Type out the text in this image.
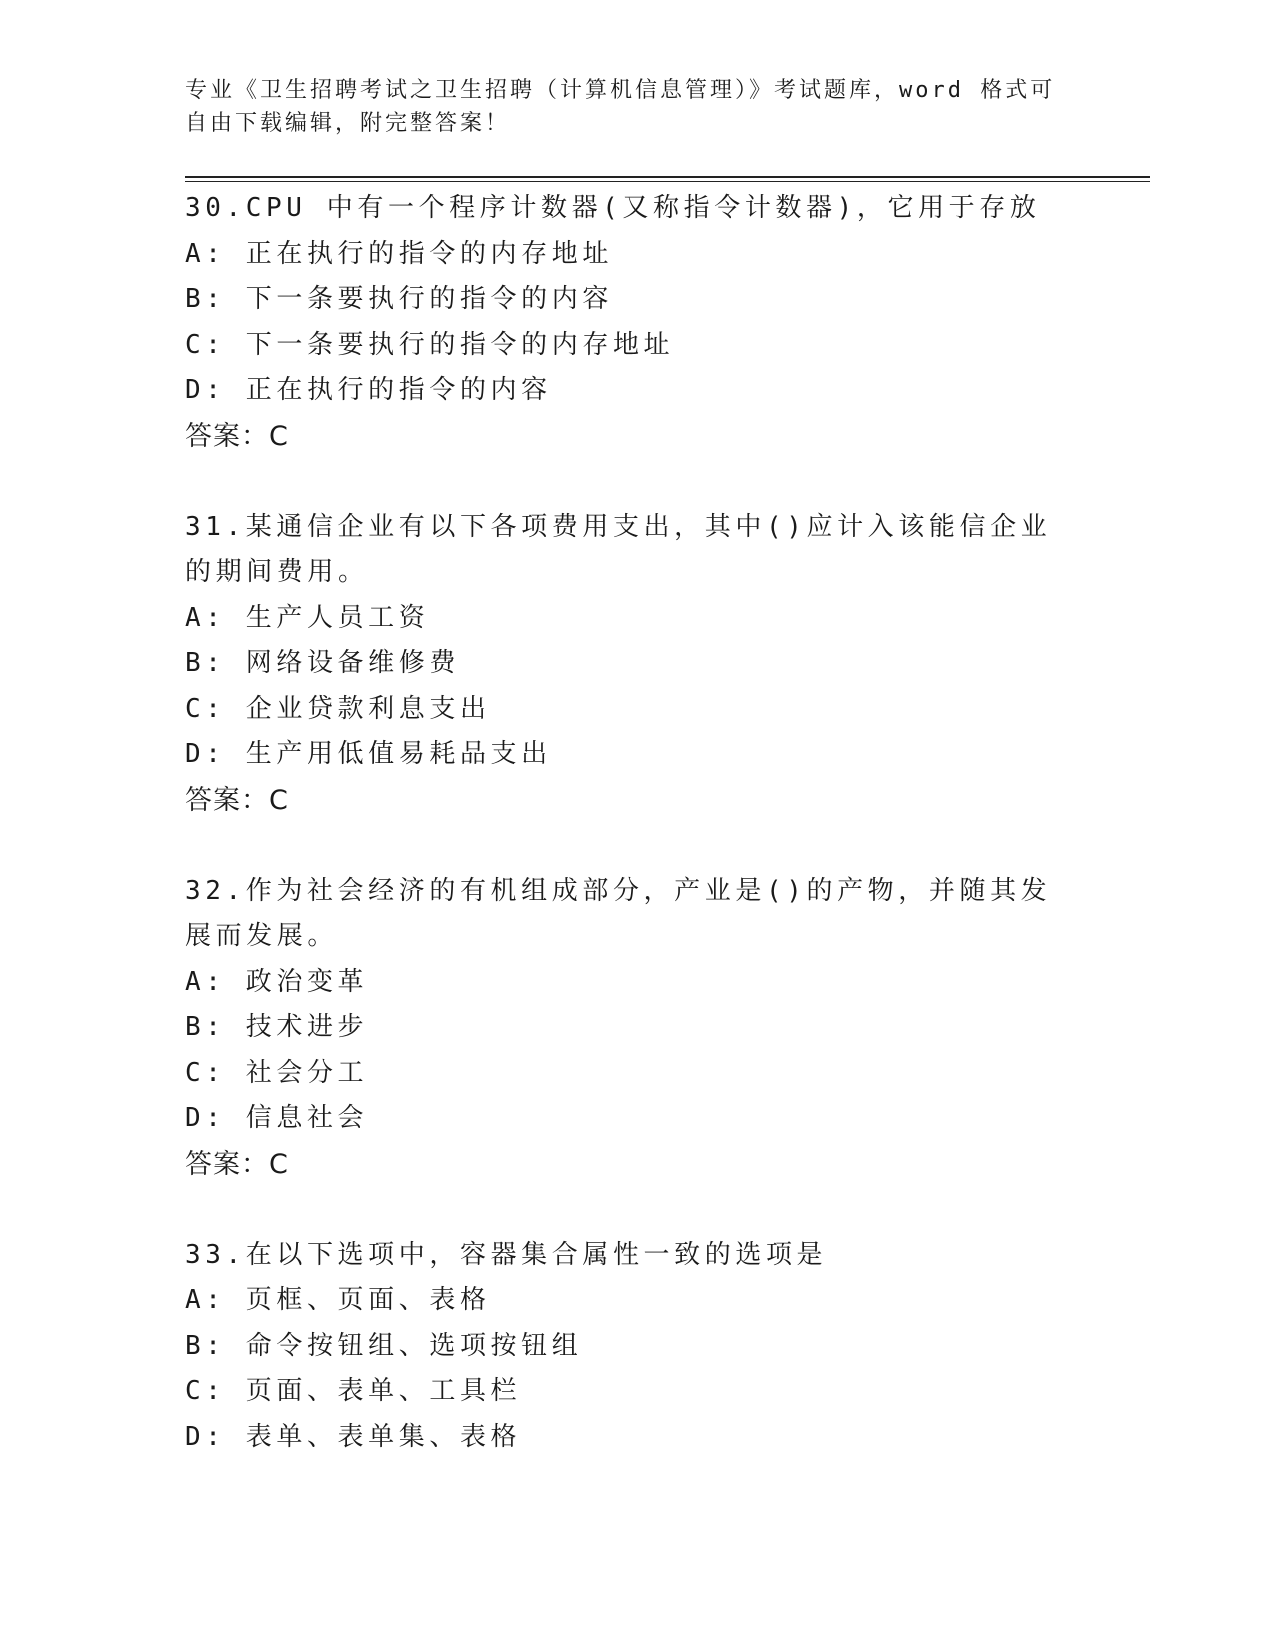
专业《卫生招聘考试之卫生招聘（计算机信息管理）》考试题库，word 格式可自由下载编辑，附完整答案！
30.CPU 中有一个程序计数器(又称指令计数器)，它用于存放
A: 正在执行的指令的内存地址
B: 下一条要执行的指令的内容
C: 下一条要执行的指令的内存地址
D: 正在执行的指令的内容
答案：C
31.某通信企业有以下各项费用支出，其中()应计入该能信企业的期间费用。
A: 生产人员工资
B: 网络设备维修费
C: 企业贷款利息支出
D: 生产用低值易耗品支出
答案：C
32.作为社会经济的有机组成部分，产业是()的产物，并随其发展而发展。
A: 政治变革
B: 技术进步
C: 社会分工
D: 信息社会
答案：C
33.在以下选项中，容器集合属性一致的选项是
A: 页框、页面、表格
B: 命令按钮组、选项按钮组
C: 页面、表单、工具栏
D: 表单、表单集、表格
